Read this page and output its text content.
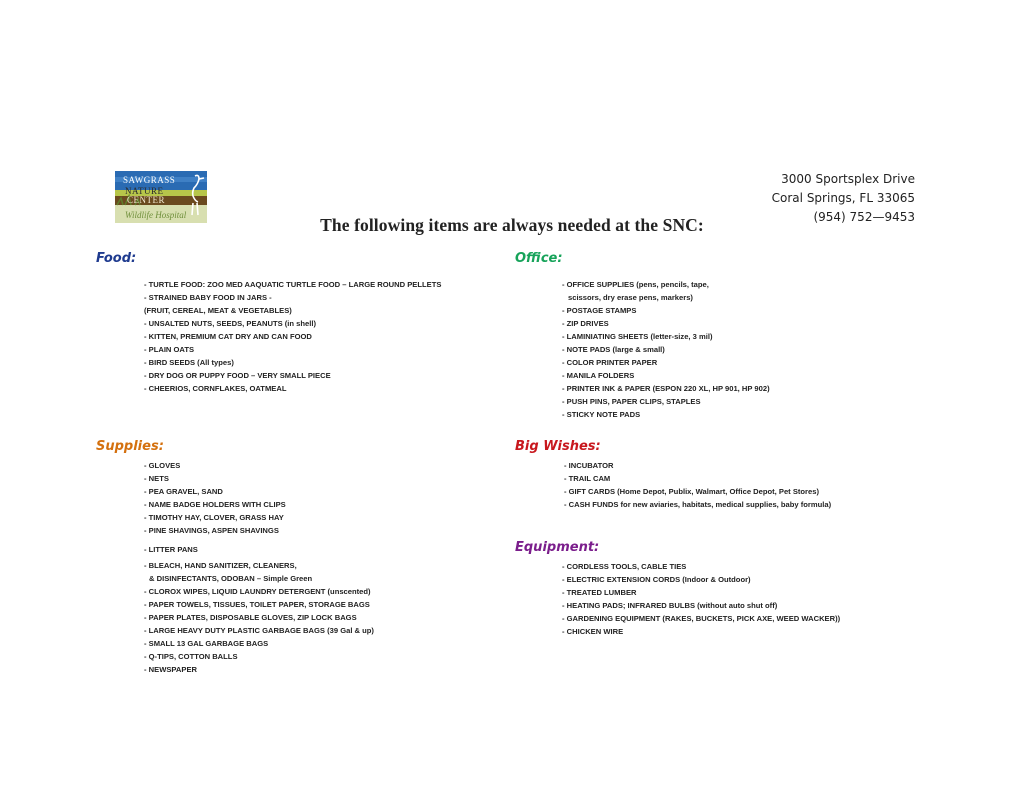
SAWGRASS
NATURE
CENTER
Wildlife Hospital
3000 Sportsplex Drive
Coral Springs, FL 33065
(954) 752—9453
The following items are always needed at the SNC:
Food:
- TURTLE FOOD: ZOO MED AAQUATIC TURTLE FOOD – LARGE ROUND PELLETS
- STRAINED BABY FOOD IN JARS -
(FRUIT, CEREAL, MEAT & VEGETABLES)
- UNSALTED NUTS, SEEDS, PEANUTS (in shell)
- KITTEN, PREMIUM CAT DRY AND CAN FOOD
- PLAIN OATS
- BIRD SEEDS (All types)
- DRY DOG OR PUPPY FOOD – VERY SMALL PIECE
- CHEERIOS, CORNFLAKES, OATMEAL
Office:
- OFFICE SUPPLIES (pens, pencils, tape,
scissors, dry erase pens, markers)
- POSTAGE STAMPS
- ZIP DRIVES
- LAMINIATING SHEETS (letter-size, 3 mil)
- NOTE PADS (large & small)
- COLOR PRINTER PAPER
- MANILA FOLDERS
- PRINTER INK & PAPER (ESPON 220 XL, HP 901, HP 902)
- PUSH PINS, PAPER CLIPS, STAPLES
- STICKY NOTE PADS
Supplies:
- GLOVES
- NETS
- PEA GRAVEL, SAND
- NAME BADGE HOLDERS WITH CLIPS
- TIMOTHY HAY, CLOVER, GRASS HAY
- PINE SHAVINGS, ASPEN SHAVINGS
- LITTER PANS
- BLEACH, HAND SANITIZER, CLEANERS,
& DISINFECTANTS, ODOBAN – Simple Green
- CLOROX WIPES, LIQUID LAUNDRY DETERGENT (unscented)
- PAPER TOWELS, TISSUES, TOILET PAPER, STORAGE BAGS
- PAPER PLATES, DISPOSABLE GLOVES, ZIP LOCK BAGS
- LARGE HEAVY DUTY PLASTIC GARBAGE BAGS (39 Gal & up)
- SMALL 13 GAL GARBAGE BAGS
- Q-TIPS, COTTON BALLS
- NEWSPAPER
Big Wishes:
- INCUBATOR
- TRAIL CAM
- GIFT CARDS (Home Depot, Publix, Walmart, Office Depot, Pet Stores)
- CASH FUNDS for new aviaries, habitats, medical supplies, baby formula)
Equipment:
- CORDLESS TOOLS, CABLE TIES
- ELECTRIC EXTENSION CORDS (Indoor & Outdoor)
- TREATED LUMBER
- HEATING PADS; INFRARED BULBS (without auto shut off)
- GARDENING EQUIPMENT (RAKES, BUCKETS, PICK AXE, WEED WACKER))
- CHICKEN WIRE
